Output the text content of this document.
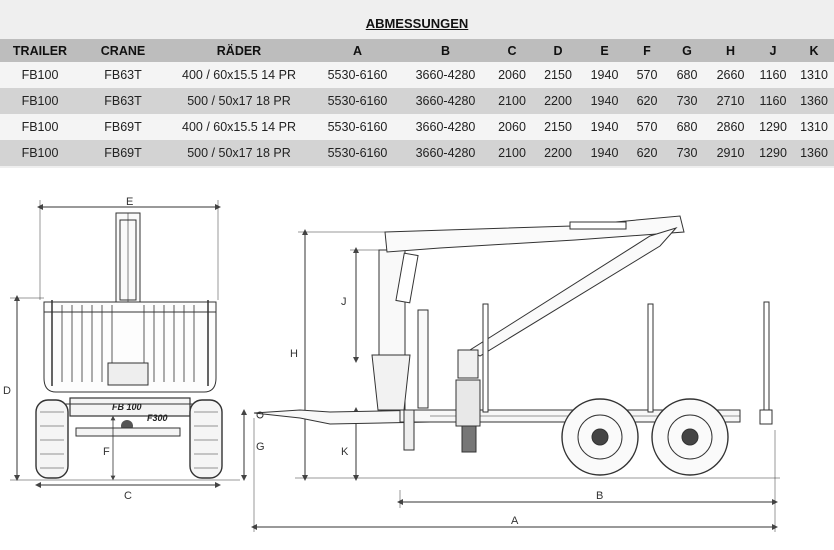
ABMESSUNGEN
TRAILER	CRANE	RÄDER	A	B	C	D	E	F	G	H	J	K
FB100	FB63T	400 / 60x15.5 14 PR	5530-6160	3660-4280	2060	2150	1940	570	680	2660	1160	1310
FB100	FB63T	500 / 50x17 18 PR	5530-6160	3660-4280	2100	2200	1940	620	730	2710	1160	1360
FB100	FB69T	400 / 60x15.5 14 PR	5530-6160	3660-4280	2060	2150	1940	570	680	2860	1290	1310
FB100	FB69T	500 / 50x17 18 PR	5530-6160	3660-4280	2100	2200	1940	620	730	2910	1290	1360
FB 100
F300
E
D
F	G
C
H
J
K
B
A
